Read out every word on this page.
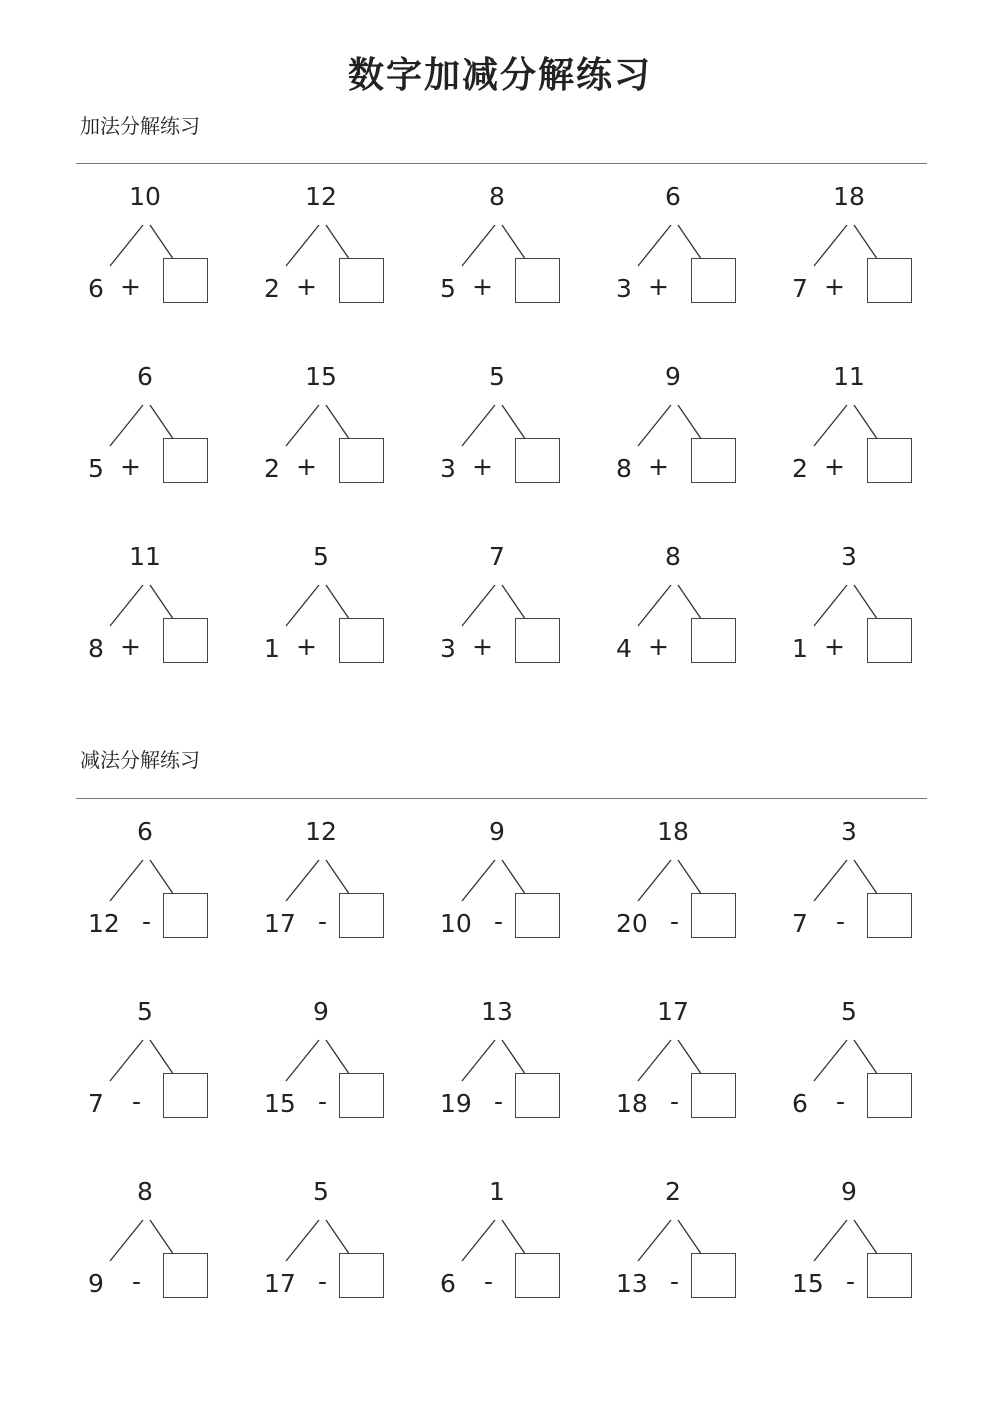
数字加减分解练习
加法分解练习
10
6 +
12
2 +
8
5 +
6
3 +
18
7 +
6
5 +
15
2 +
5
3 +
9
8 +
11
2 +
11
8 +
5
1 +
7
3 +
8
4 +
3
1 +
减法分解练习
6
12 -
12
17 -
9
10 -
18
20 -
3
7 -
5
7 -
9
15 -
13
19 -
17
18 -
5
6 -
8
9 -
5
17 -
1
6 -
2
13 -
9
15 -
